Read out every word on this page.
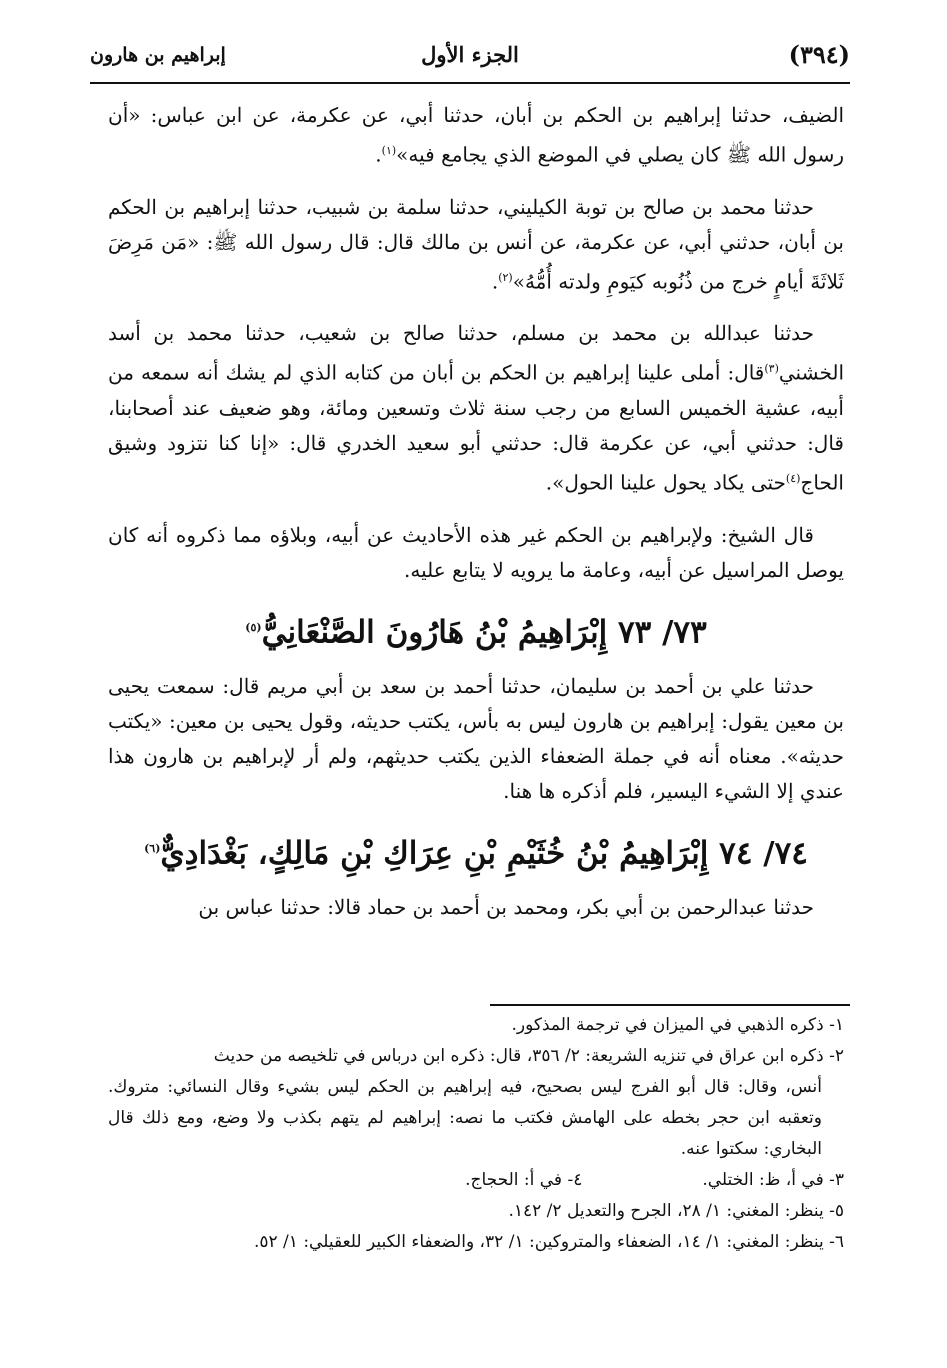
(٣٩٤)
الجزء الأول
إبراهيم بن هارون

الضيف، حدثنا إبراهيم بن الحكم بن أبان، حدثنا أبي، عن عكرمة، عن ابن عباس: «أن رسول الله ﷺ كان يصلي في الموضع الذي يجامع فيه»$^{(١)}$.

حدثنا محمد بن صالح بن توبة الكيليني، حدثنا سلمة بن شبيب، حدثنا إبراهيم بن الحكم بن أبان، حدثني أبي، عن عكرمة، عن أنس بن مالك قال: قال رسول الله ﷺ: «مَن مَرِضَ ثَلاثَةَ أيامٍ خرج من ذُنُوبه كيَومِ ولدته أُمُّهُ»$^{(٢)}$.

حدثنا عبدالله بن محمد بن مسلم، حدثنا صالح بن شعيب، حدثنا محمد بن أسد الخشني$^{(٣)}$قال: أملى علينا إبراهيم بن الحكم بن أبان من كتابه الذي لم يشك أنه سمعه من أبيه، عشية الخميس السابع من رجب سنة ثلاث وتسعين ومائة، وهو ضعيف عند أصحابنا، قال: حدثني أبي، عن عكرمة قال: حدثني أبو سعيد الخدري قال: «إنا كنا نتزود وشيق الحاج$^{(٤)}$حتى يكاد يحول علينا الحول».

قال الشيخ: ولإبراهيم بن الحكم غير هذه الأحاديث عن أبيه، وبلاؤه مما ذكروه أنه كان يوصل المراسيل عن أبيه، وعامة ما يرويه لا يتابع عليه.

٧٣/ ٧٣ إِبْرَاهِيمُ بْنُ هَارُونَ الصَّنْعَانِيُّ$^{(٥)}$

حدثنا علي بن أحمد بن سليمان، حدثنا أحمد بن سعد بن أبي مريم قال: سمعت يحيى بن معين يقول: إبراهيم بن هارون ليس به بأس، يكتب حديثه، وقول يحيى بن معين: «يكتب حديثه». معناه أنه في جملة الضعفاء الذين يكتب حديثهم، ولم أر لإبراهيم بن هارون هذا عندي إلا الشيء اليسير، فلم أذكره ها هنا.

٧٤/ ٧٤ إِبْرَاهِيمُ بْنُ خُثَيْمِ بْنِ عِرَاكِ بْنِ مَالِكٍ، بَغْدَادِيٌّ$^{(٦)}$

حدثنا عبدالرحمن بن أبي بكر، ومحمد بن أحمد بن حماد قالا: حدثنا عباس بن

١- ذكره الذهبي في الميزان في ترجمة المذكور.

٢- ذكره ابن عراق في تنزيه الشريعة: ٢/ ٣٥٦، قال: ذكره ابن درباس في تلخيصه من حديث

أنس، وقال: قال أبو الفرج ليس بصحيح، فيه إبراهيم بن الحكم ليس بشيء وقال النسائي: متروك. وتعقبه ابن حجر بخطه على الهامش فكتب ما نصه: إبراهيم لم يتهم بكذب ولا وضع، ومع ذلك قال البخاري: سكتوا عنه.

٣- في أ، ظ: الختلي.

٤- في أ: الحجاج.

٥- ينظر: المغني: ١/ ٢٨، الجرح والتعديل ٢/ ١٤٢.

٦- ينظر: المغني: ١/ ١٤، الضعفاء والمتروكين: ١/ ٣٢، والضعفاء الكبير للعقيلي: ١/ ٥٢.
